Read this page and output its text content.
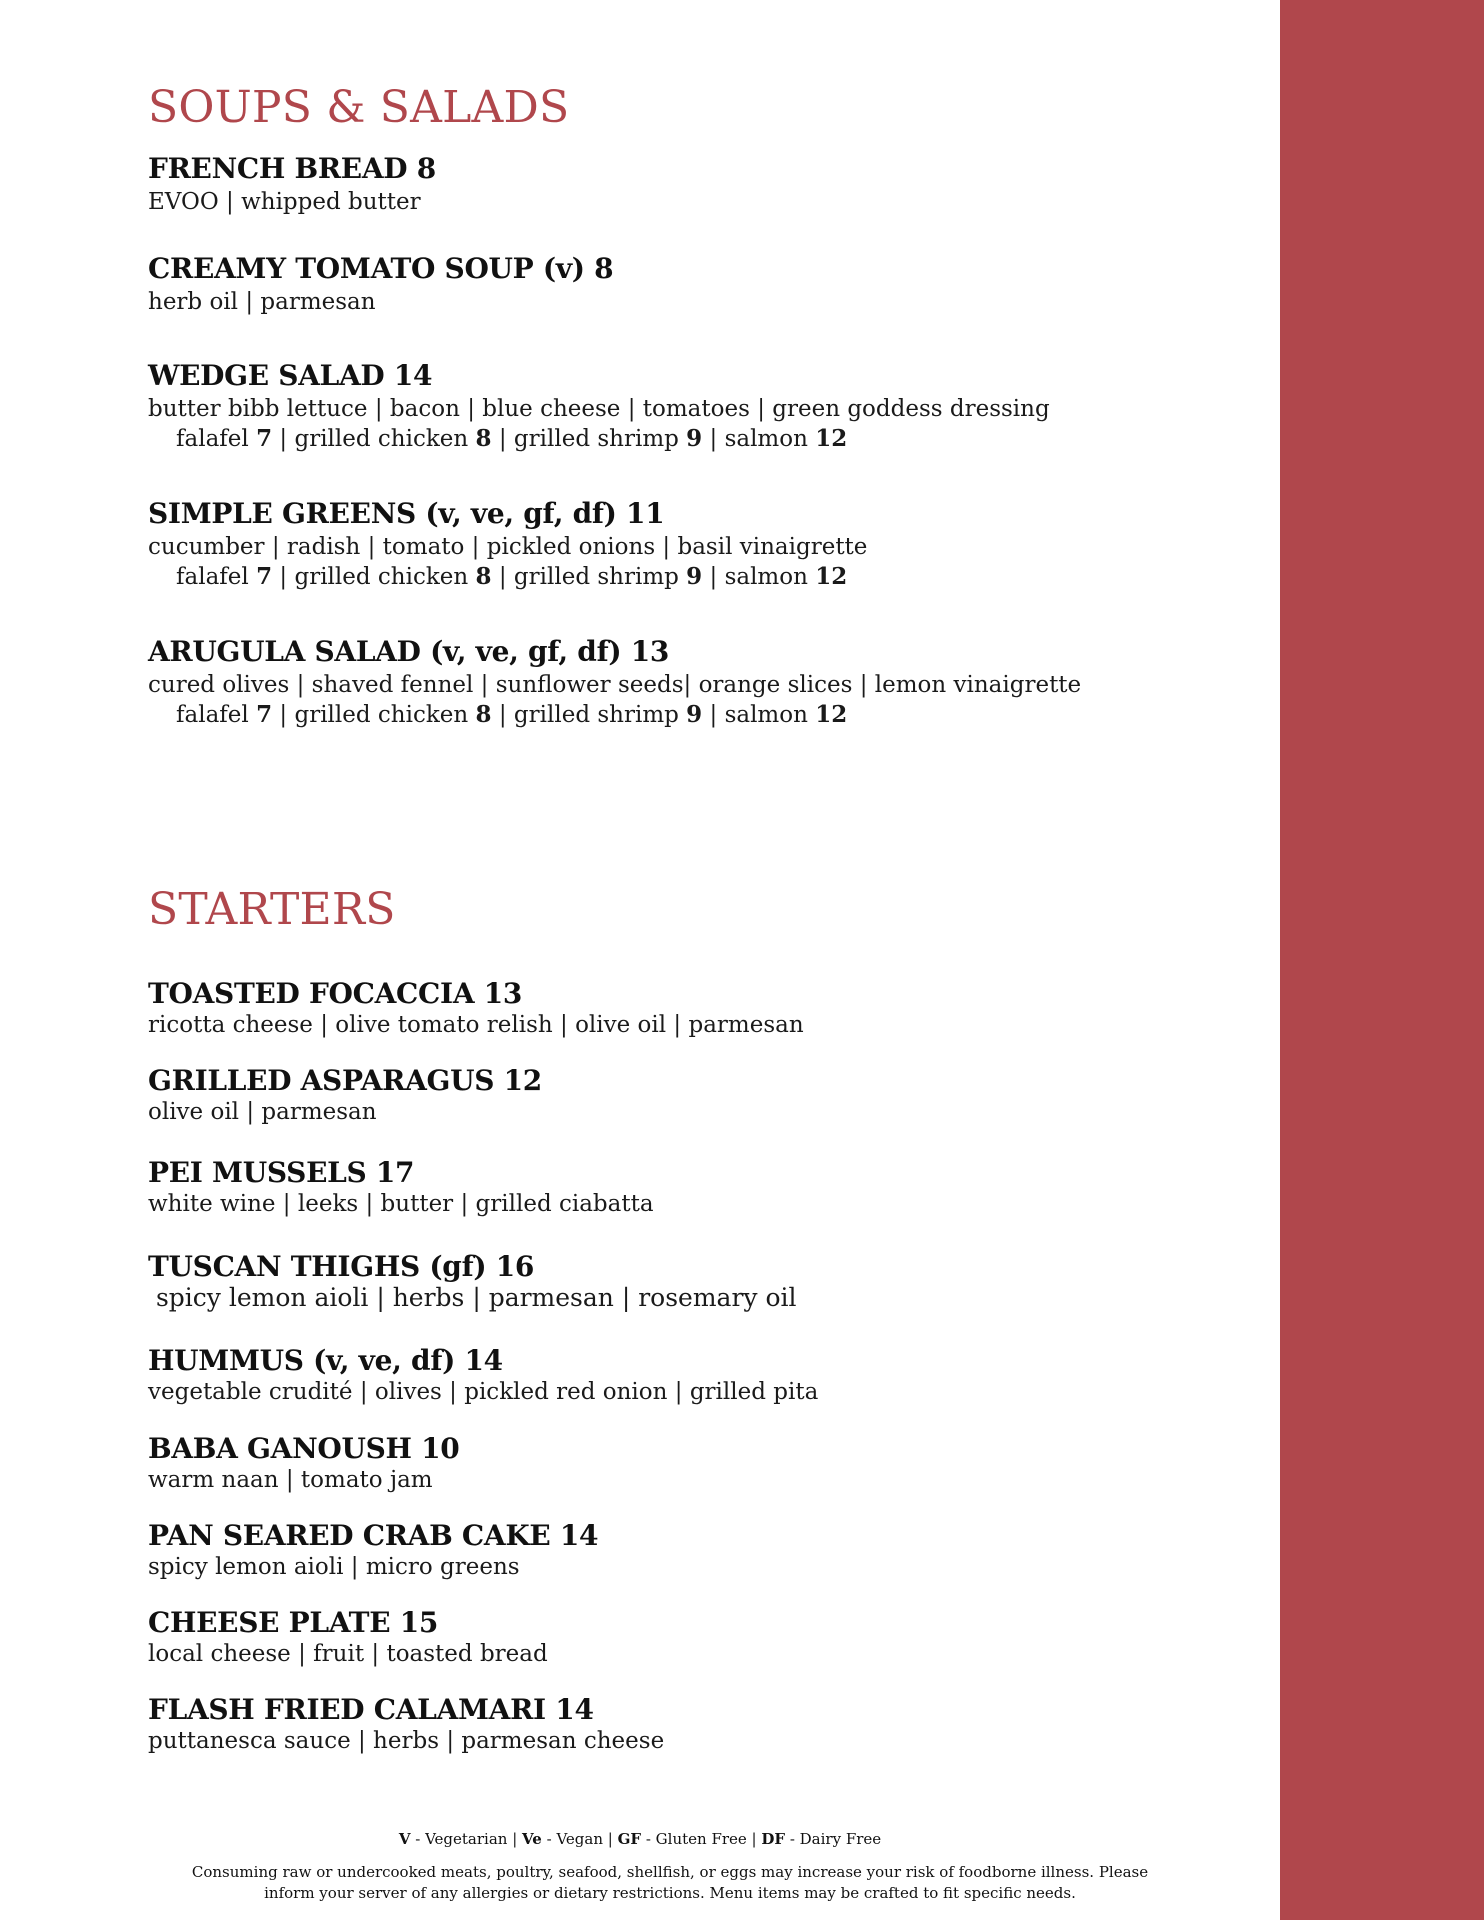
SOUPS & SALADS

FRENCH BREAD 8

EVOO | whipped butter

CREAMY TOMATO SOUP (v) 8

herb oil | parmesan

WEDGE SALAD 14

butter bibb lettuce | bacon | blue cheese | tomatoes | green goddess dressing

falafel 7 | grilled chicken 8 | grilled shrimp 9 | salmon 12

SIMPLE GREENS (v, ve, gf, df) 11

cucumber | radish | tomato | pickled onions | basil vinaigrette

falafel 7 | grilled chicken 8 | grilled shrimp 9 | salmon 12

ARUGULA SALAD (v, ve, gf, df) 13

cured olives | shaved fennel | sunflower seeds| orange slices | lemon vinaigrette

falafel 7 | grilled chicken 8 | grilled shrimp 9 | salmon 12

STARTERS

TOASTED FOCACCIA 13

ricotta cheese | olive tomato relish | olive oil | parmesan

GRILLED ASPARAGUS 12

olive oil | parmesan

PEI MUSSELS 17

white wine | leeks | butter | grilled ciabatta

TUSCAN THIGHS (gf) 16

spicy lemon aioli | herbs | parmesan | rosemary oil

HUMMUS (v, ve, df) 14

vegetable crudité | olives | pickled red onion | grilled pita

BABA GANOUSH 10

warm naan | tomato jam

PAN SEARED CRAB CAKE 14

spicy lemon aioli | micro greens

CHEESE PLATE 15

local cheese | fruit | toasted bread

FLASH FRIED CALAMARI 14

puttanesca sauce | herbs | parmesan cheese

V - Vegetarian | Ve - Vegan | GF - Gluten Free | DF - Dairy Free

Consuming raw or undercooked meats, poultry, seafood, shellfish, or eggs may increase your risk of foodborne illness. Please inform your server of any allergies or dietary restrictions. Menu items may be crafted to fit specific needs.
